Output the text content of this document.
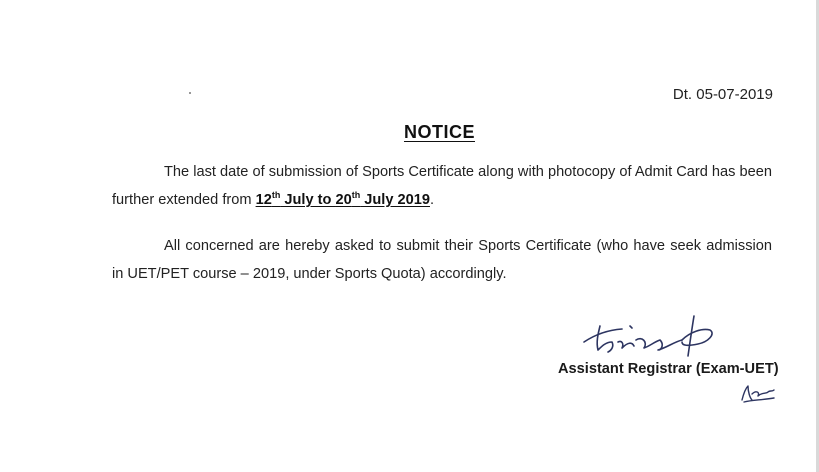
Dt. 05-07-2019
NOTICE
The last date of submission of Sports Certificate along with photocopy of Admit Card has been further extended from 12th July to 20th July 2019.
All concerned are hereby asked to submit their Sports Certificate (who have seek admission in UET/PET course – 2019, under Sports Quota) accordingly.
Assistant Registrar (Exam-UET)
